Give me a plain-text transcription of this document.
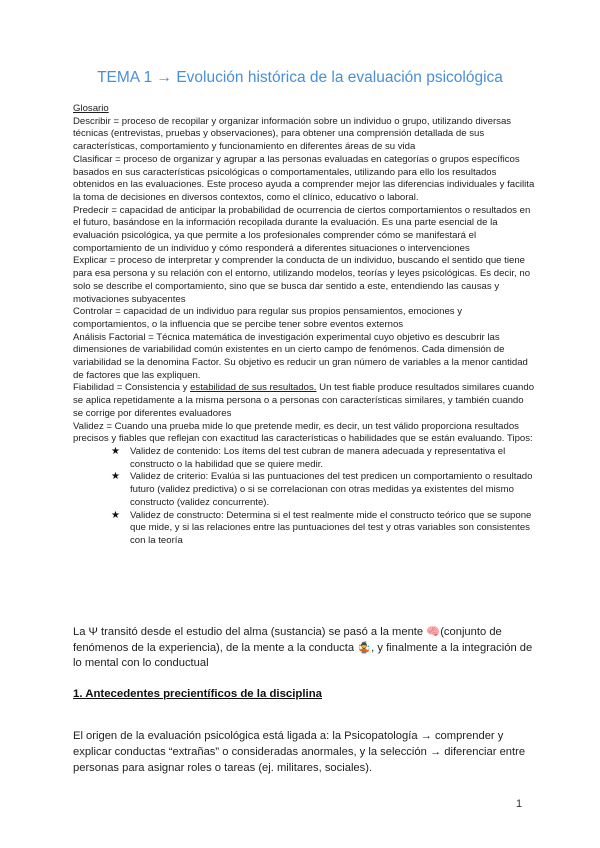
TEMA 1 → Evolución histórica de la evaluación psicológica

Glosario

Describir = proceso de recopilar y organizar información sobre un individuo o grupo, utilizando diversas técnicas (entrevistas, pruebas y observaciones), para obtener una comprensión detallada de sus características, comportamiento y funcionamiento en diferentes áreas de su vida

Clasificar = proceso de organizar y agrupar a las personas evaluadas en categorías o grupos específicos basados en sus características psicológicas o comportamentales, utilizando para ello los resultados obtenidos en las evaluaciones. Este proceso ayuda a comprender mejor las diferencias individuales y facilita la toma de decisiones en diversos contextos, como el clínico, educativo o laboral.

Predecir = capacidad de anticipar la probabilidad de ocurrencia de ciertos comportamientos o resultados en el futuro, basándose en la información recopilada durante la evaluación. Es una parte esencial de la evaluación psicológica, ya que permite a los profesionales comprender cómo se manifestará el comportamiento de un individuo y cómo responderá a diferentes situaciones o intervenciones

Explicar = proceso de interpretar y comprender la conducta de un individuo, buscando el sentido que tiene para esa persona y su relación con el entorno, utilizando modelos, teorías y leyes psicológicas. Es decir, no solo se describe el comportamiento, sino que se busca dar sentido a este, entendiendo las causas y motivaciones subyacentes

Controlar = capacidad de un individuo para regular sus propios pensamientos, emociones y comportamientos, o la influencia que se percibe tener sobre eventos externos

Análisis Factorial = Técnica matemática de investigación experimental cuyo objetivo es descubrir las dimensiones de variabilidad común existentes en un cierto campo de fenómenos. Cada dimensión de variabilidad se la denomina Factor. Su objetivo es reducir un gran número de variables a la menor cantidad de factores que las expliquen.

Fiabilidad = Consistencia y estabilidad de sus resultados. Un test fiable produce resultados similares cuando se aplica repetidamente a la misma persona o a personas con características similares, y también cuando se corrige por diferentes evaluadores

Validez = Cuando una prueba mide lo que pretende medir, es decir, un test válido proporciona resultados precisos y fiables que reflejan con exactitud las características o habilidades que se están evaluando. Tipos:

★ Validez de contenido: Los ítems del test cubran de manera adecuada y representativa el constructo o la habilidad que se quiere medir.
★ Validez de criterio: Evalúa si las puntuaciones del test predicen un comportamiento o resultado futuro (validez predictiva) o si se correlacionan con otras medidas ya existentes del mismo constructo (validez concurrente).
★ Validez de constructo: Determina si el test realmente mide el constructo teórico que se supone que mide, y si las relaciones entre las puntuaciones del test y otras variables son consistentes con la teoría
La Ψ transitó desde el estudio del alma (sustancia) se pasó a la mente 🧠(conjunto de fenómenos de la experiencia), de la mente a la conducta 🤹, y finalmente a la integración de lo mental con lo conductual
1. Antecedentes precientíficos de la disciplina
El origen de la evaluación psicológica está ligada a: la Psicopatología → comprender y explicar conductas “extrañas” o consideradas anormales, y la selección → diferenciar entre personas para asignar roles o tareas (ej. militares, sociales).
1
